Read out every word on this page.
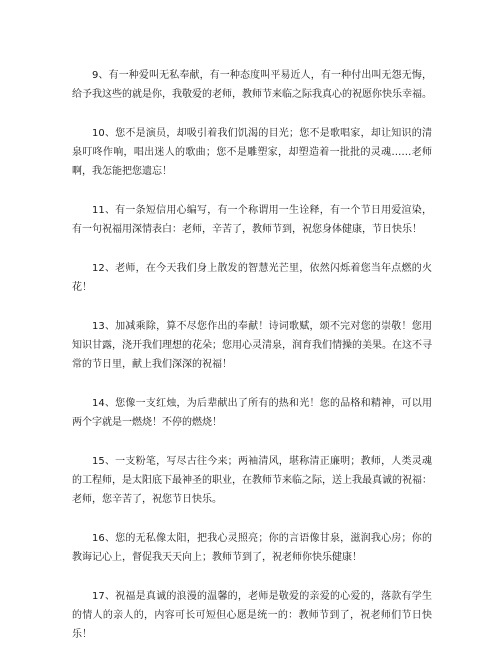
9、有一种爱叫无私奉献，有一种态度叫平易近人，有一种付出叫无怨无悔，给予我这些的就是你，我敬爱的老师，教师节来临之际我真心的祝愿你快乐幸福。

10、您不是演员，却吸引着我们饥渴的目光；您不是歌唱家，却让知识的清泉叮咚作响，唱出迷人的歌曲；您不是雕塑家，却塑造着一批批的灵魂……老师啊，我怎能把您遗忘！

11、有一条短信用心编写，有一个称谓用一生诠释，有一个节日用爱渲染，有一句祝福用深情表白：老师，辛苦了，教师节到，祝您身体健康，节日快乐！

12、老师，在今天我们身上散发的智慧光芒里，依然闪烁着您当年点燃的火花！

13、加减乘除，算不尽您作出的奉献！诗词歌赋，颂不完对您的崇敬！您用知识甘露，浇开我们理想的花朵；您用心灵清泉，润育我们情操的美果。在这不寻常的节日里，献上我们深深的祝福！

14、您像一支红烛，为后辈献出了所有的热和光！您的品格和精神，可以用两个字就是一燃烧！不停的燃烧！

15、一支粉笔，写尽古往今来；两袖清风，堪称清正廉明；教师，人类灵魂的工程师，是太阳底下最神圣的职业，在教师节来临之际，送上我最真诚的祝福：老师，您辛苦了，祝您节日快乐。

16、您的无私像太阳，把我心灵照亮；你的言语像甘泉，滋润我心房；你的教诲记心上，督促我天天向上；教师节到了，祝老师你快乐健康！

17、祝福是真诚的浪漫的温馨的，老师是敬爱的亲爱的心爱的，落款有学生的情人的亲人的，内容可长可短但心愿是统一的：教师节到了，祝老师们节日快乐！
